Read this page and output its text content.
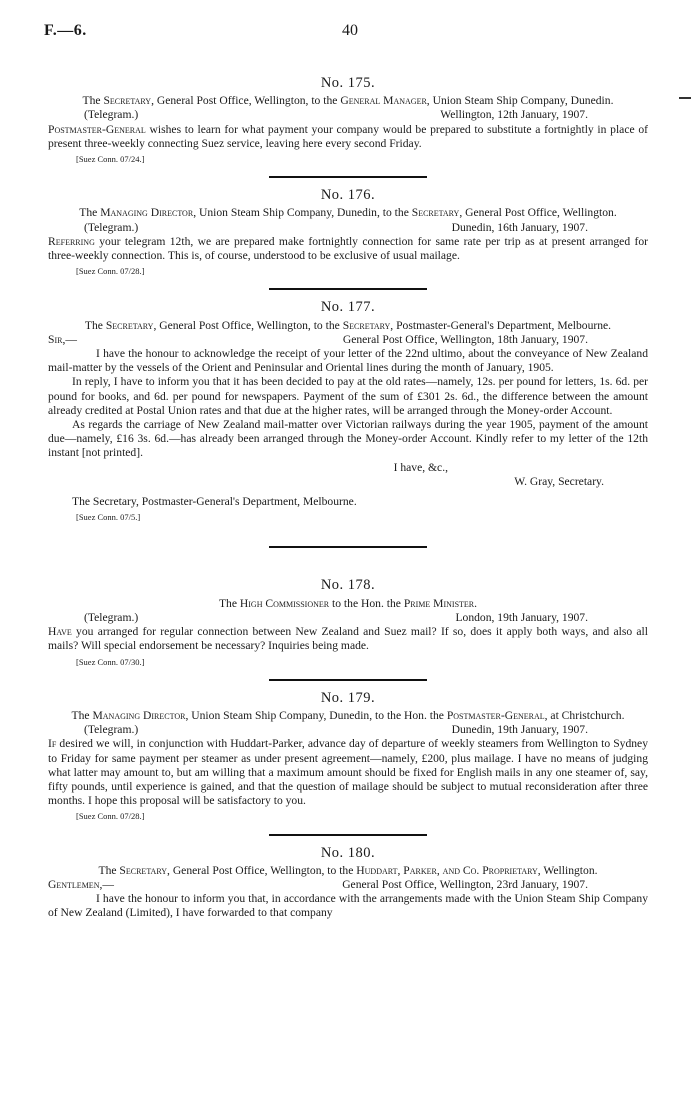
F.—6.	40
No. 175.

The Secretary, General Post Office, Wellington, to the General Manager, Union Steam Ship Company, Dunedin.

(Telegram.)	Wellington, 12th January, 1907.

Postmaster-General wishes to learn for what payment your company would be prepared to substitute a fortnightly in place of present three-weekly connecting Suez service, leaving here every second Friday.

[Suez Conn. 07/24.]

No. 176.

The Managing Director, Union Steam Ship Company, Dunedin, to the Secretary, General Post Office, Wellington.

(Telegram.)	Dunedin, 16th January, 1907.

Referring your telegram 12th, we are prepared make fortnightly connection for same rate per trip as at present arranged for three-weekly connection. This is, of course, understood to be exclusive of usual mailage.

[Suez Conn. 07/28.]

No. 177.

The Secretary, General Post Office, Wellington, to the Secretary, Postmaster-General's Department, Melbourne.

Sir,—	General Post Office, Wellington, 18th January, 1907.

I have the honour to acknowledge the receipt of your letter of the 22nd ultimo, about the conveyance of New Zealand mail-matter by the vessels of the Orient and Peninsular and Oriental lines during the month of January, 1905.

In reply, I have to inform you that it has been decided to pay at the old rates—namely, 12s. per pound for letters, 1s. 6d. per pound for books, and 6d. per pound for newspapers. Payment of the sum of £301 2s. 6d., the difference between the amount already credited at Postal Union rates and that due at the higher rates, will be arranged through the Money-order Account.

As regards the carriage of New Zealand mail-matter over Victorian railways during the year 1905, payment of the amount due—namely, £16 3s. 6d.—has already been arranged through the Money-order Account. Kindly refer to my letter of the 12th instant [not printed].

I have, &c.,

W. Gray, Secretary.

The Secretary, Postmaster-General's Department, Melbourne.

[Suez Conn. 07/5.]

No. 178.

The High Commissioner to the Hon. the Prime Minister.

(Telegram.)	London, 19th January, 1907.

Have you arranged for regular connection between New Zealand and Suez mail? If so, does it apply both ways, and also all mails? Will special endorsement be necessary? Inquiries being made.

[Suez Conn. 07/30.]

No. 179.

The Managing Director, Union Steam Ship Company, Dunedin, to the Hon. the Postmaster-General, at Christchurch.

(Telegram.)	Dunedin, 19th January, 1907.

If desired we will, in conjunction with Huddart-Parker, advance day of departure of weekly steamers from Wellington to Sydney to Friday for same payment per steamer as under present agreement—namely, £200, plus mailage. I have no means of judging what latter may amount to, but am willing that a maximum amount should be fixed for English mails in any one steamer of, say, fifty pounds, until experience is gained, and that the question of mailage should be subject to mutual reconsideration after three months. I hope this proposal will be satisfactory to you.

[Suez Conn. 07/28.]

No. 180.

The Secretary, General Post Office, Wellington, to the Huddart, Parker, and Co. Proprietary, Wellington.

Gentlemen,—	General Post Office, Wellington, 23rd January, 1907.

I have the honour to inform you that, in accordance with the arrangements made with the Union Steam Ship Company of New Zealand (Limited), I have forwarded to that company
